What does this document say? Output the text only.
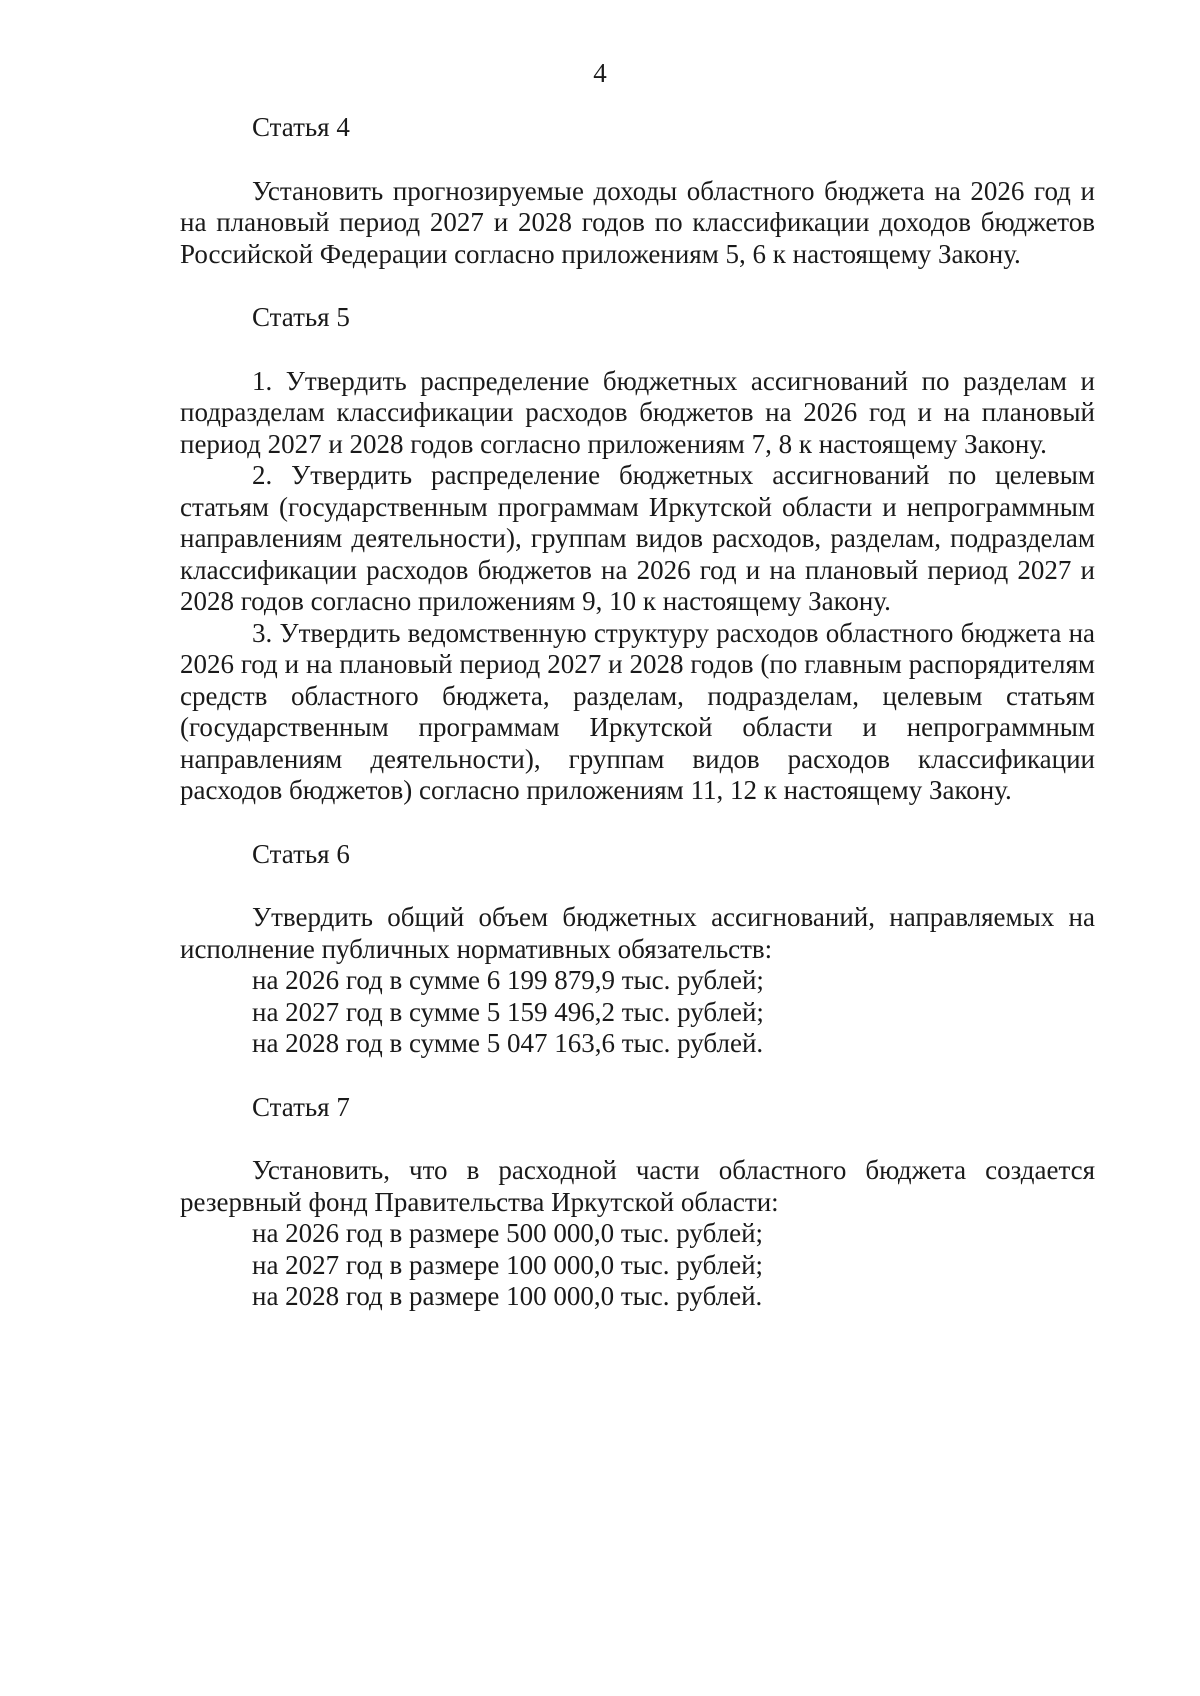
4

Статья 4

Установить прогнозируемые доходы областного бюджета на 2026 год и на плановый период 2027 и 2028 годов по классификации доходов бюджетов Российской Федерации согласно приложениям 5, 6 к настоящему Закону.

Статья 5

1. Утвердить распределение бюджетных ассигнований по разделам и подразделам классификации расходов бюджетов на 2026 год и на плановый период 2027 и 2028 годов согласно приложениям 7, 8 к настоящему Закону.

2. Утвердить распределение бюджетных ассигнований по целевым статьям (государственным программам Иркутской области и непрограммным направлениям деятельности), группам видов расходов, разделам, подразделам классификации расходов бюджетов на 2026 год и на плановый период 2027 и 2028 годов согласно приложениям 9, 10 к настоящему Закону.

3. Утвердить ведомственную структуру расходов областного бюджета на 2026 год и на плановый период 2027 и 2028 годов (по главным распорядителям средств областного бюджета, разделам, подразделам, целевым статьям (государственным программам Иркутской области и непрограммным направлениям деятельности), группам видов расходов классификации расходов бюджетов) согласно приложениям 11, 12 к настоящему Закону.

Статья 6

Утвердить общий объем бюджетных ассигнований, направляемых на исполнение публичных нормативных обязательств:

на 2026 год в сумме 6 199 879,9 тыс. рублей;

на 2027 год в сумме 5 159 496,2 тыс. рублей;

на 2028 год в сумме 5 047 163,6 тыс. рублей.

Статья 7

Установить, что в расходной части областного бюджета создается резервный фонд Правительства Иркутской области:

на 2026 год в размере 500 000,0 тыс. рублей;

на 2027 год в размере 100 000,0 тыс. рублей;

на 2028 год в размере 100 000,0 тыс. рублей.
